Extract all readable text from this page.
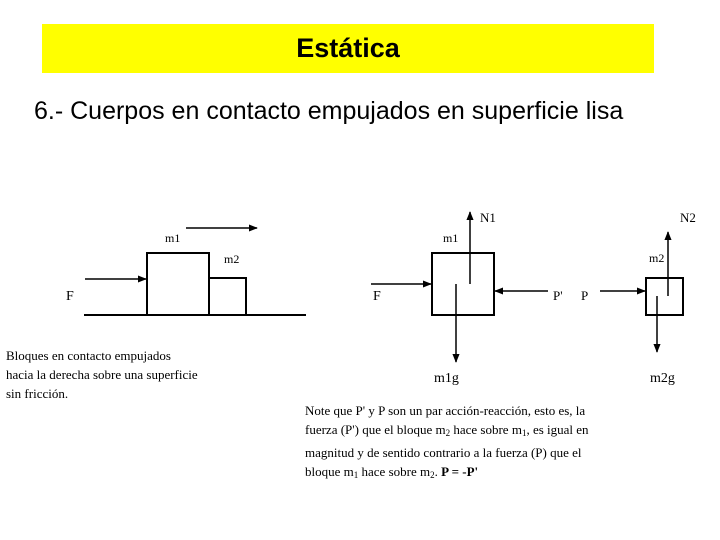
Estática
6.- Cuerpos en contacto empujados en superficie lisa
F
m1
m2
m1
N1
F	P'
m1g
m2
N2
P
m2g
Bloques en contacto empujados
hacia la derecha sobre una superficie
sin fricción.
Note que P' y P son un par acción-reacción, esto es, la
fuerza (P') que el bloque $m_2$ hace sobre $m_1$, es igual en
magnitud y de sentido contrario a la fuerza (P) que el
bloque $m_1$ hace sobre $m_2$. P = -P'
